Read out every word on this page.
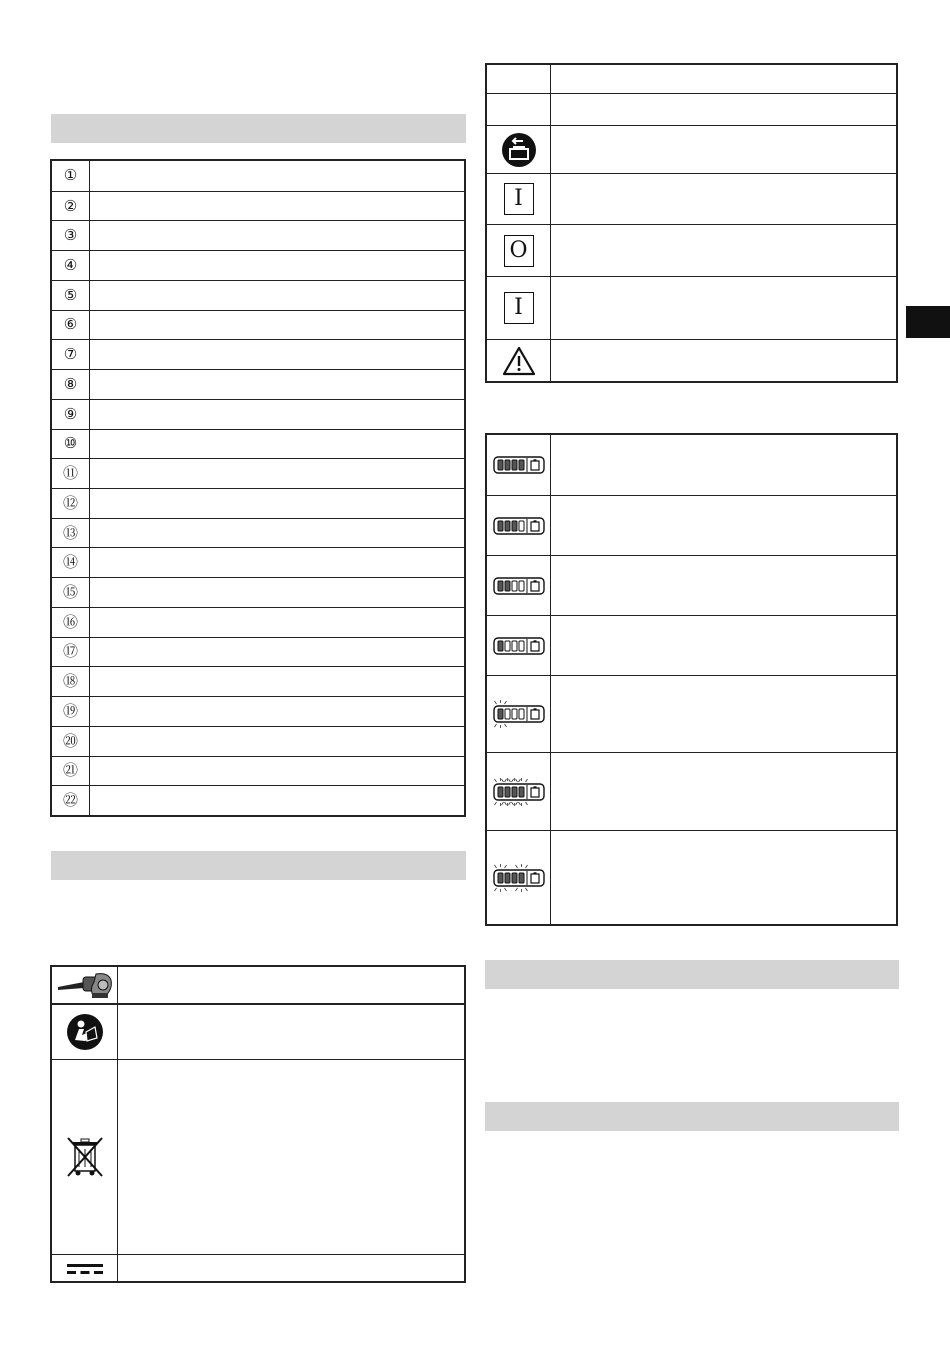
①
②
③
④
⑤
⑥
⑦
⑧
⑨
⑩
⑪
⑫
⑬
⑭
⑮
⑯
⑰
⑱
⑲
⑳
㉑
㉒
I
O
I
